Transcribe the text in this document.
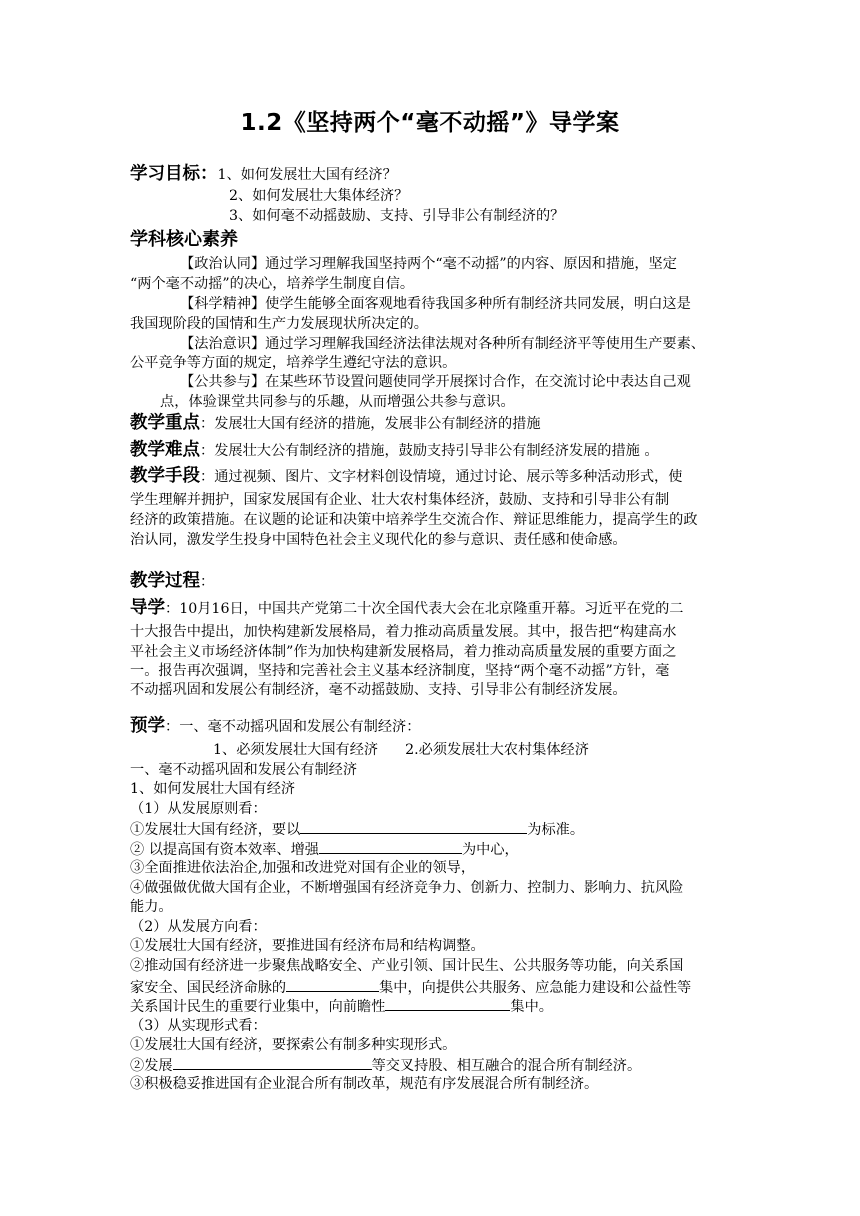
1.2《坚持两个“毫不动摇”》导学案
学习目标：1、如何发展壮大国有经济？
2、如何发展壮大集体经济？
3、如何毫不动摇鼓励、支持、引导非公有制经济的？
学科核心素养
【政治认同】通过学习理解我国坚持两个“毫不动摇”的内容、原因和措施，坚定
“两个毫不动摇”的决心，培养学生制度自信。
【科学精神】使学生能够全面客观地看待我国多种所有制经济共同发展，明白这是
我国现阶段的国情和生产力发展现状所决定的。
【法治意识】通过学习理解我国经济法律法规对各种所有制经济平等使用生产要素、
公平竞争等方面的规定，培养学生遵纪守法的意识。
【公共参与】在某些环节设置问题使同学开展探讨合作，在交流讨论中表达自己观
点，体验课堂共同参与的乐趣，从而增强公共参与意识。
教学重点：发展壮大国有经济的措施，发展非公有制经济的措施
教学难点：发展壮大公有制经济的措施，鼓励支持引导非公有制经济发展的措施 。
教学手段：通过视频、图片、文字材料创设情境，通过讨论、展示等多种活动形式，使
学生理解并拥护，国家发展国有企业、壮大农村集体经济，鼓励、支持和引导非公有制
经济的政策措施。在议题的论证和决策中培养学生交流合作、辩证思维能力，提高学生的政
治认同，激发学生投身中国特色社会主义现代化的参与意识、责任感和使命感。
教学过程：
导学：10月16日，中国共产党第二十次全国代表大会在北京隆重开幕。习近平在党的二
十大报告中提出，加快构建新发展格局，着力推动高质量发展。其中，报告把“构建高水
平社会主义市场经济体制”作为加快构建新发展格局，着力推动高质量发展的重要方面之
一。报告再次强调，坚持和完善社会主义基本经济制度，坚持“两个毫不动摇”方针，毫
不动摇巩固和发展公有制经济，毫不动摇鼓励、支持、引导非公有制经济发展。
预学：一、毫不动摇巩固和发展公有制经济：
1、必须发展壮大国有经济      2.必须发展壮大农村集体经济
一、毫不动摇巩固和发展公有制经济
1、如何发展壮大国有经济
（1）从发展原则看：
①发展壮大国有经济，要以	为标准。
② 以提高国有资本效率、增强	为中心，
③全面推进依法治企,加强和改进党对国有企业的领导，
④做强做优做大国有企业，不断增强国有经济竞争力、创新力、控制力、影响力、抗风险
能力。
（2）从发展方向看：
①发展壮大国有经济，要推进国有经济布局和结构调整。
②推动国有经济进一步聚焦战略安全、产业引领、国计民生、公共服务等功能，向关系国
家安全、国民经济命脉的	集中，向提供公共服务、应急能力建设和公益性等
关系国计民生的重要行业集中，向前瞻性	集中。
（3）从实现形式看：
①发展壮大国有经济，要探索公有制多种实现形式。
②发展	等交叉持股、相互融合的混合所有制经济。
③积极稳妥推进国有企业混合所有制改革，规范有序发展混合所有制经济。
